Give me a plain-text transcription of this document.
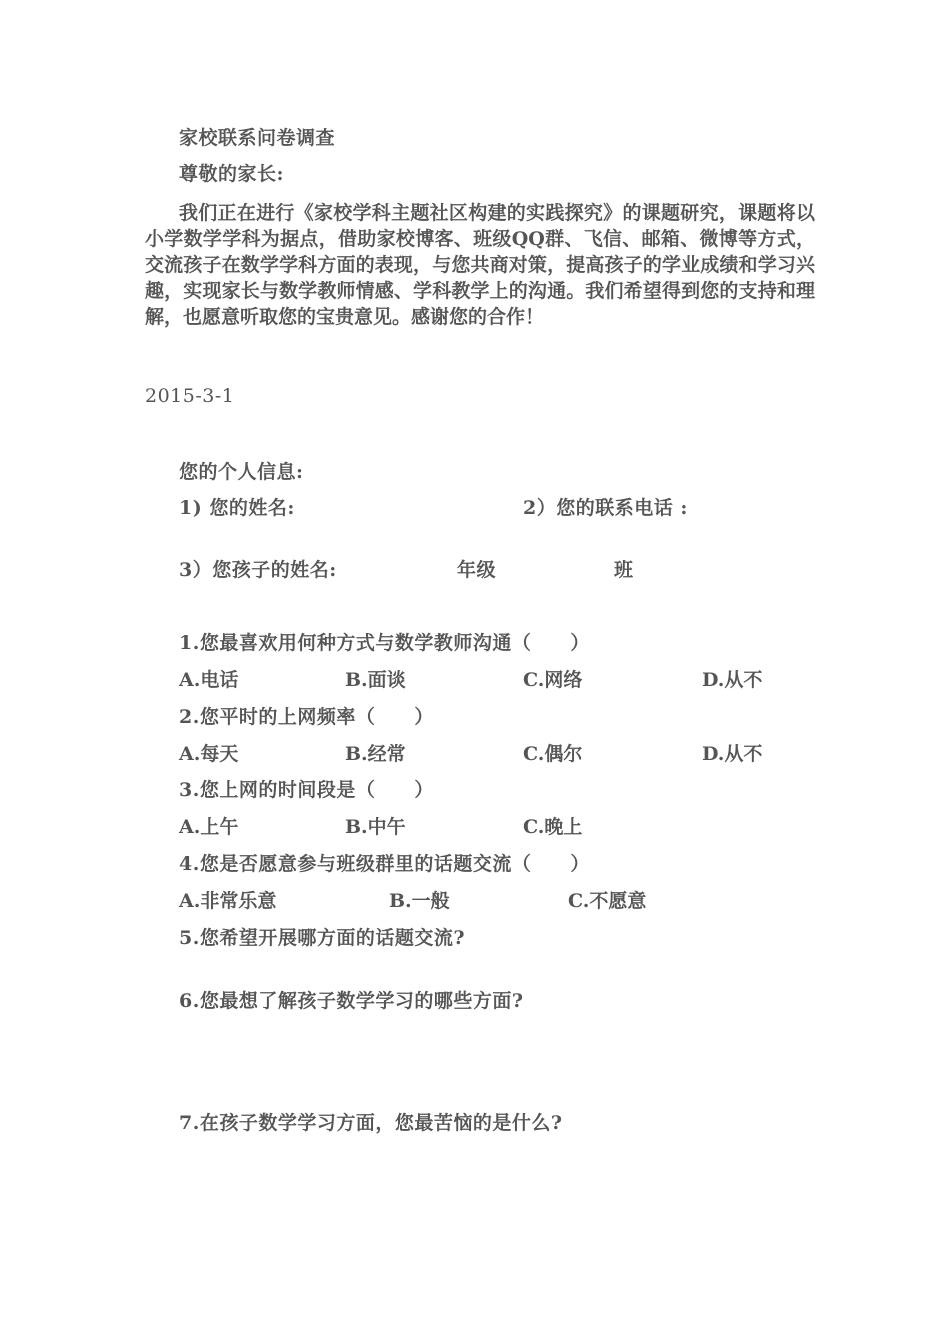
家校联系问卷调查
尊敬的家长:
我们正在进行《家校学科主题社区构建的实践探究》的课题研究，课题将以小学数学学科为据点，借助家校博客、班级QQ群、飞信、邮箱、微博等方式，交流孩子在数学学科方面的表现，与您共商对策，提高孩子的学业成绩和学习兴趣，实现家长与数学教师情感、学科教学上的沟通。我们希望得到您的支持和理解，也愿意听取您的宝贵意见。感谢您的合作！
2015-3-1
您的个人信息:
1) 您的姓名:	2）您的联系电话 :
3）您孩子的姓名:	年级	班
1.您最喜欢用何种方式与数学教师沟通（　　）
A.电话	B.面谈	C.网络	D.从不
2.您平时的上网频率（　　）
A.每天	B.经常	C.偶尔	D.从不
3.您上网的时间段是（　　）
A.上午	B.中午	C.晚上
4.您是否愿意参与班级群里的话题交流（　　）
A.非常乐意	B.一般	C.不愿意
5.您希望开展哪方面的话题交流?
6.您最想了解孩子数学学习的哪些方面?
7.在孩子数学学习方面，您最苦恼的是什么?
